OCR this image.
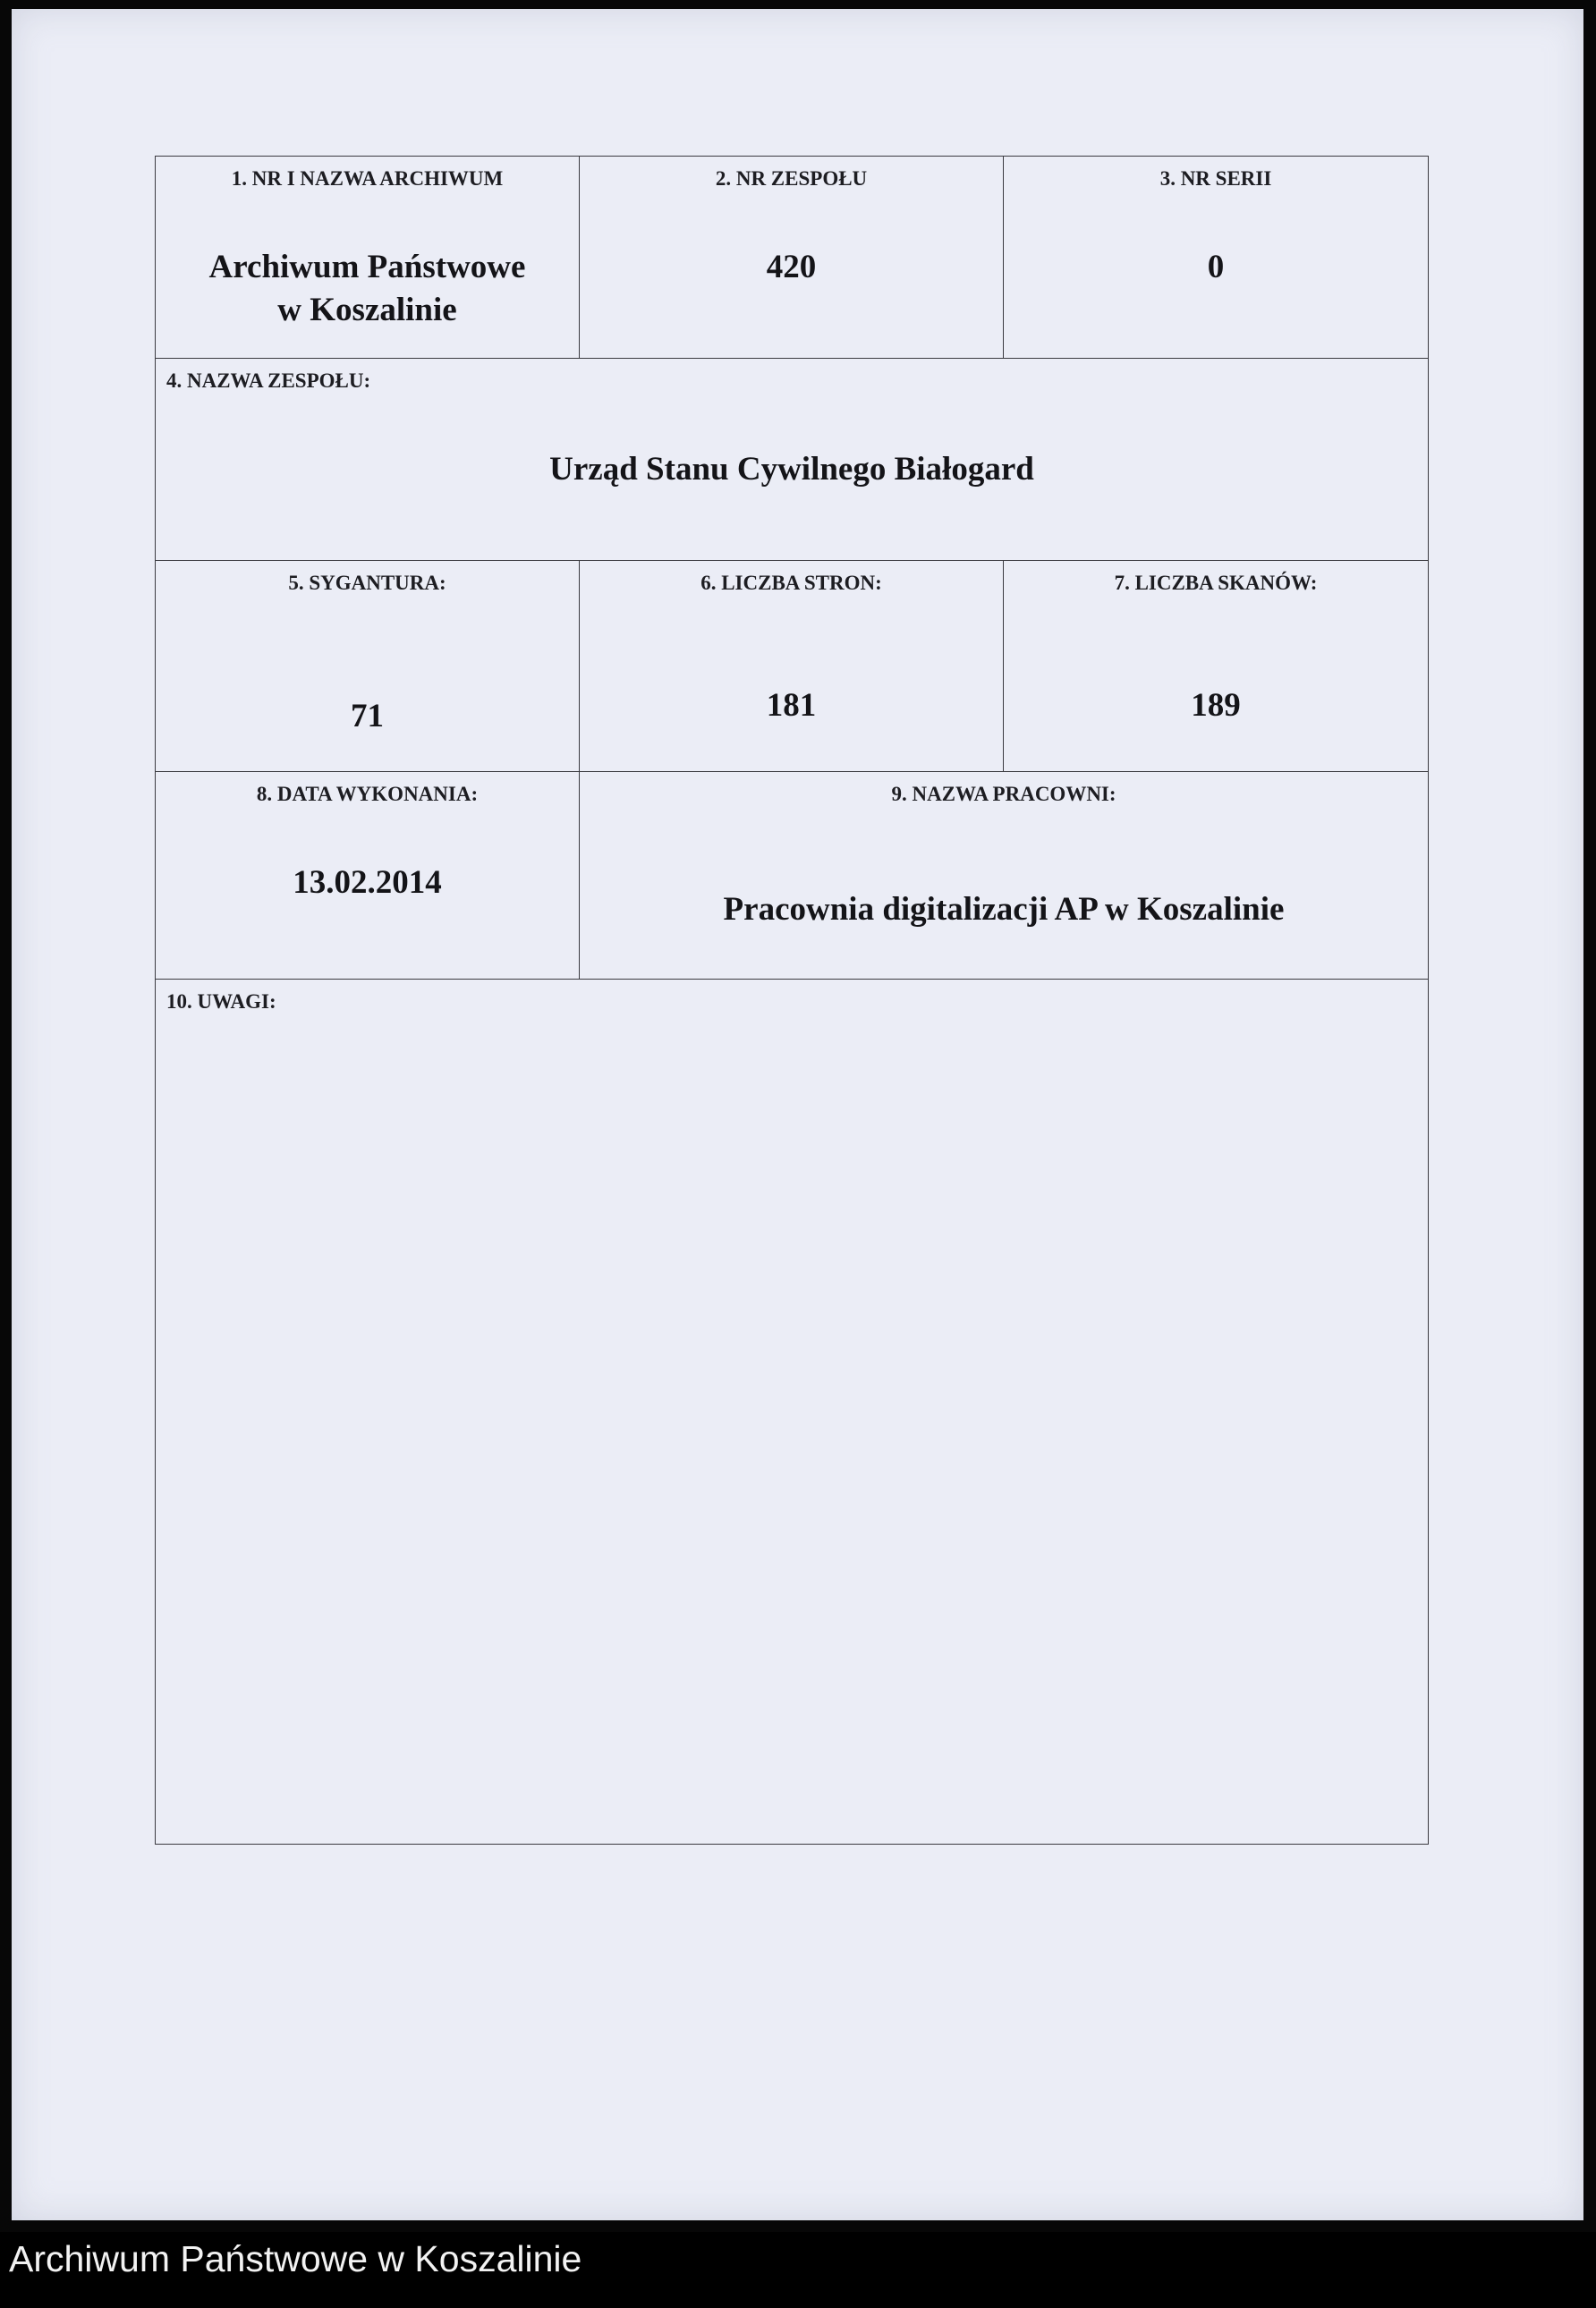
1. NR I NAZWA ARCHIWUM
Archiwum Państwowe
w Koszalinie
2. NR ZESPOŁU
420
3. NR SERII
0
4. NAZWA ZESPOŁU:
Urząd Stanu Cywilnego Białogard
5. SYGANTURA:
71
6. LICZBA STRON:
181
7. LICZBA SKANÓW:
189
8. DATA WYKONANIA:
13.02.2014
9. NAZWA PRACOWNI:
Pracownia digitalizacji AP w Koszalinie
10. UWAGI:
Archiwum Państwowe w Koszalinie
